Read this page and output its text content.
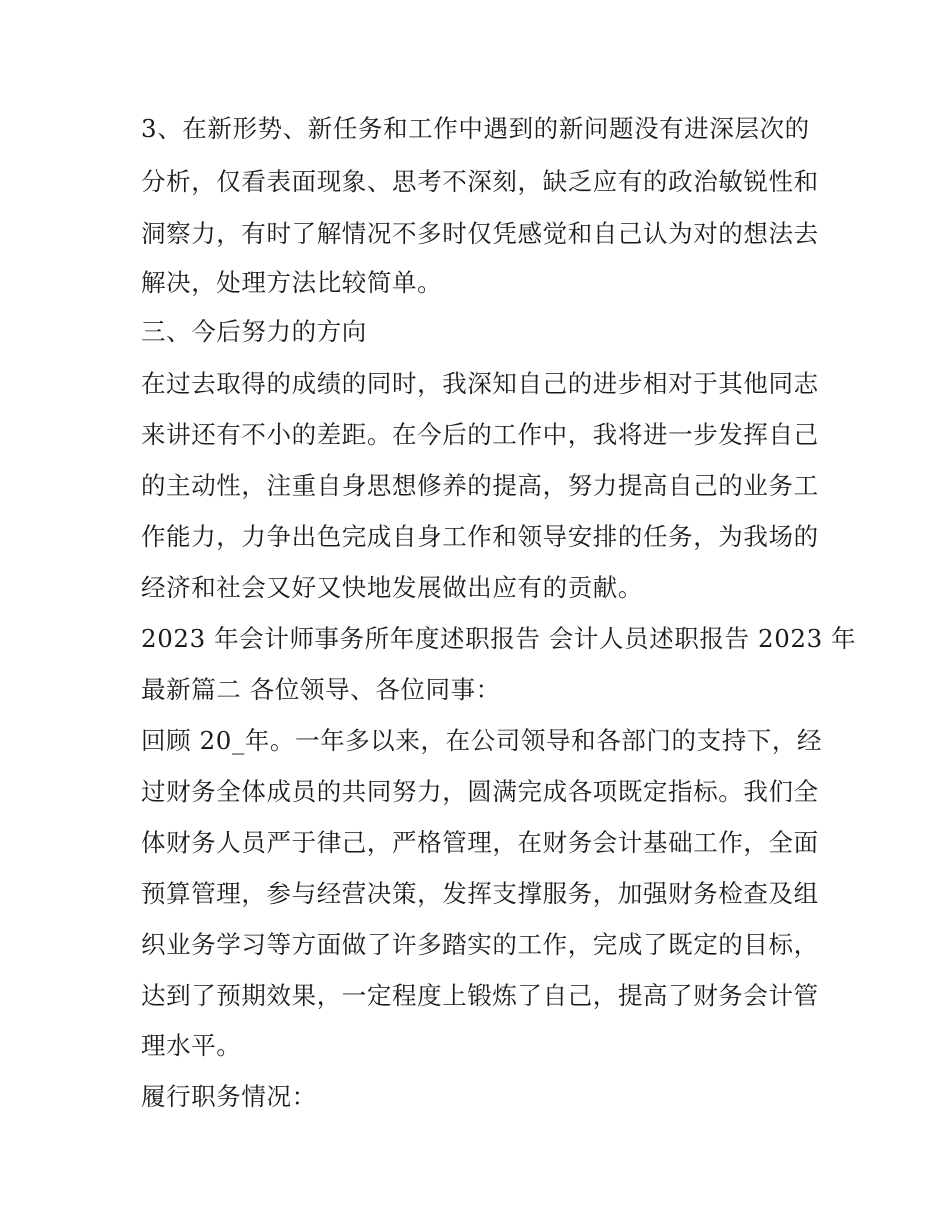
3、在新形势、新任务和工作中遇到的新问题没有进深层次的
分析，仅看表面现象、思考不深刻，缺乏应有的政治敏锐性和
洞察力，有时了解情况不多时仅凭感觉和自己认为对的想法去
解决，处理方法比较简单。
三、今后努力的方向
在过去取得的成绩的同时，我深知自己的进步相对于其他同志
来讲还有不小的差距。在今后的工作中，我将进一步发挥自己
的主动性，注重自身思想修养的提高，努力提高自己的业务工
作能力，力争出色完成自身工作和领导安排的任务，为我场的
经济和社会又好又快地发展做出应有的贡献。
2023 年会计师事务所年度述职报告 会计人员述职报告 2023 年
最新篇二 各位领导、各位同事：
回顾 20_年。一年多以来，在公司领导和各部门的支持下，经
过财务全体成员的共同努力，圆满完成各项既定指标。我们全
体财务人员严于律己，严格管理，在财务会计基础工作，全面
预算管理，参与经营决策，发挥支撑服务，加强财务检查及组
织业务学习等方面做了许多踏实的工作，完成了既定的目标，
达到了预期效果，一定程度上锻炼了自己，提高了财务会计管
理水平。
履行职务情况：
